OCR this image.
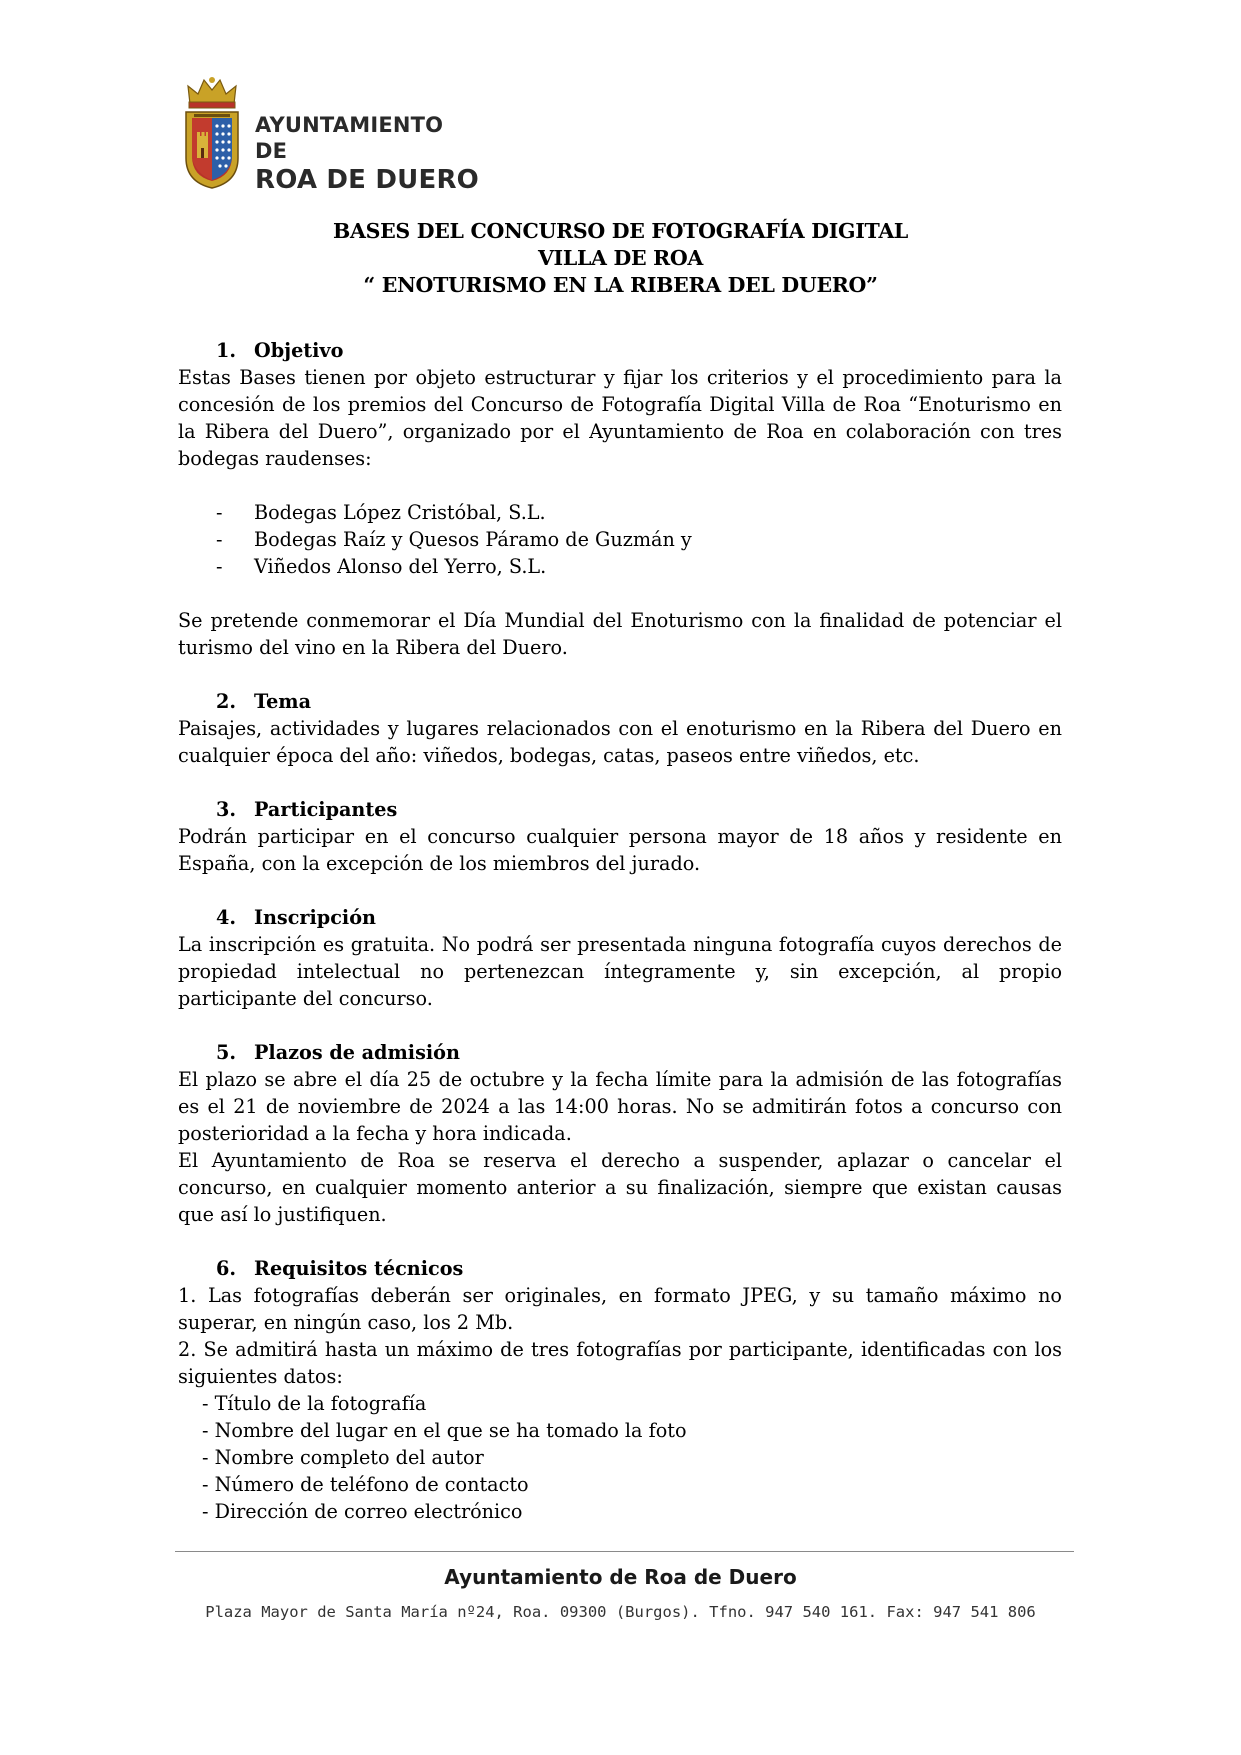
AYUNTAMIENTO DE
ROA DE DUERO
BASES DEL CONCURSO DE FOTOGRAFÍA DIGITAL
VILLA DE ROA
“ ENOTURISMO EN LA RIBERA DEL DUERO”

1. Objetivo

Estas Bases tienen por objeto estructurar y fijar los criterios y el procedimiento para la concesión de los premios del Concurso de Fotografía Digital Villa de Roa “Enoturismo en la Ribera del Duero”, organizado por el Ayuntamiento de Roa en colaboración con tres bodegas raudenses:

- Bodegas López Cristóbal, S.L.

- Bodegas Raíz y Quesos Páramo de Guzmán y

- Viñedos Alonso del Yerro, S.L.

Se pretende conmemorar el Día Mundial del Enoturismo con la finalidad de potenciar el turismo del vino en la Ribera del Duero.

2. Tema

Paisajes, actividades y lugares relacionados con el enoturismo en la Ribera del Duero en cualquier época del año: viñedos, bodegas, catas, paseos entre viñedos, etc.

3. Participantes

Podrán participar en el concurso cualquier persona mayor de 18 años y residente en España, con la excepción de los miembros del jurado.

4. Inscripción

La inscripción es gratuita. No podrá ser presentada ninguna fotografía cuyos derechos de propiedad intelectual no pertenezcan íntegramente y, sin excepción, al propio participante del concurso.

5. Plazos de admisión

El plazo se abre el día 25 de octubre y la fecha límite para la admisión de las fotografías es el 21 de noviembre de 2024 a las 14:00 horas. No se admitirán fotos a concurso con posterioridad a la fecha y hora indicada.

El Ayuntamiento de Roa se reserva el derecho a suspender, aplazar o cancelar el concurso, en cualquier momento anterior a su finalización, siempre que existan causas que así lo justifiquen.

6. Requisitos técnicos

1. Las fotografías deberán ser originales, en formato JPEG, y su tamaño máximo no superar, en ningún caso, los 2 Mb.

2. Se admitirá hasta un máximo de tres fotografías por participante, identificadas con los siguientes datos:

- Título de la fotografía

- Nombre del lugar en el que se ha tomado la foto

- Nombre completo del autor

- Número de teléfono de contacto

- Dirección de correo electrónico

Ayuntamiento de Roa de Duero
Plaza Mayor de Santa María nº24, Roa. 09300 (Burgos). Tfno. 947 540 161. Fax: 947 541 806
